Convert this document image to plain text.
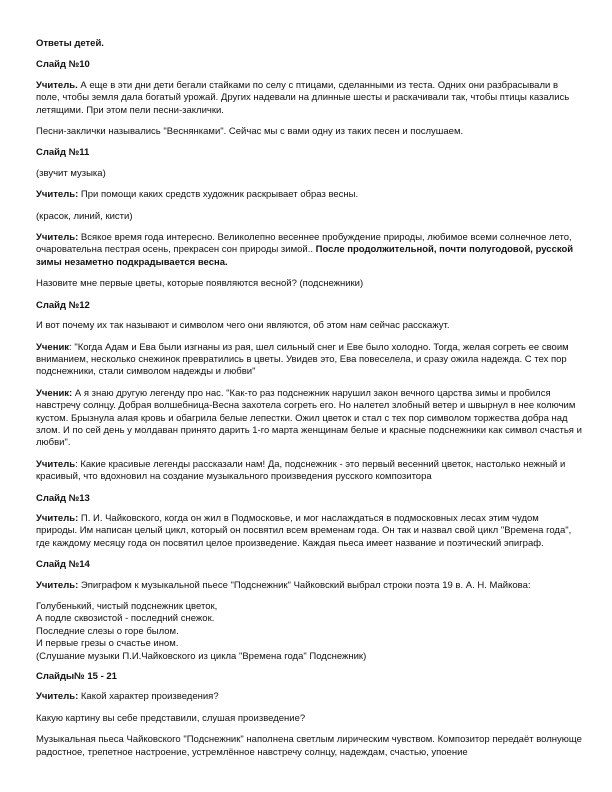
Ответы детей.

Слайд №10

Учитель. А еще в эти дни дети бегали стайками по селу с птицами, сделанными из теста. Одних они разбрасывали в поле, чтобы земля дала богатый урожай. Других надевали на длинные шесты и раскачивали так, чтобы птицы казались летящими. При этом пели песни-заклички.

Песни-заклички назывались "Веснянками". Сейчас мы с вами одну из таких песен и послушаем.

Слайд №11

(звучит музыка)

Учитель: При помощи каких средств художник раскрывает образ весны.

(красок, линий, кисти)

Учитель: Всякое время года интересно. Великолепно весеннее пробуждение природы, любимое всеми солнечное лето, очаровательна пестрая осень, прекрасен сон природы зимой.. После продолжительной, почти полугодовой, русской зимы незаметно подкрадывается весна.

Назовите мне первые цветы, которые появляются весной? (подснежники)

Слайд №12

И вот почему их так называют и символом чего они являются, об этом нам сейчас расскажут.

Ученик: "Когда Адам и Ева были изгнаны из рая, шел сильный снег и Еве было холодно. Тогда, желая согреть ее своим вниманием, несколько снежинок превратились в цветы. Увидев это, Ева повеселела, и сразу ожила надежда. С тех пор подснежники, стали символом надежды и любви"

Ученик: А я знаю другую легенду про нас. "Как-то раз подснежник нарушил закон вечного царства зимы и пробился навстречу солнцу. Добрая волшебница-Весна захотела согреть его. Но налетел злобный ветер и швырнул в нее колючим кустом. Брызнула алая кровь и обагрила белые лепестки. Ожил цветок и стал с тех пор символом торжества добра над злом. И по сей день у молдаван принято дарить 1-го марта женщинам белые и красные подснежники как символ счастья и любви".

Учитель: Какие красивые легенды рассказали нам! Да, подснежник - это первый весенний цветок, настолько нежный и красивый, что вдохновил на создание музыкального произведения русского композитора

Слайд №13

Учитель: П. И. Чайковского, когда он жил в Подмосковье, и мог наслаждаться в подмосковных лесах этим чудом природы. Им написан целый цикл, который он посвятил всем временам года. Он так и назвал свой цикл "Времена года", где каждому месяцу года он посвятил целое произведение. Каждая пьеса имеет название и поэтический эпиграф.

Слайд №14

Учитель: Эпиграфом к музыкальной пьесе "Подснежник" Чайковский выбрал строки поэта 19 в. А. Н. Майкова:

Голубенький, чистый подснежник цветок,
А подле сквозистой - последний снежок.
Последние слезы о горе былом.
И первые грезы о счастье ином.
(Слушание музыки П.И.Чайковского из цикла "Времена года" Подснежник)

Слайды№ 15 - 21

Учитель: Какой характер произведения?

Какую картину вы себе представили, слушая произведение?

Музыкальная пьеса Чайковского "Подснежник" наполнена светлым лирическим чувством. Композитор передаёт волнующе радостное, трепетное настроение, устремлённое навстречу солнцу, надеждам, счастью, упоение
